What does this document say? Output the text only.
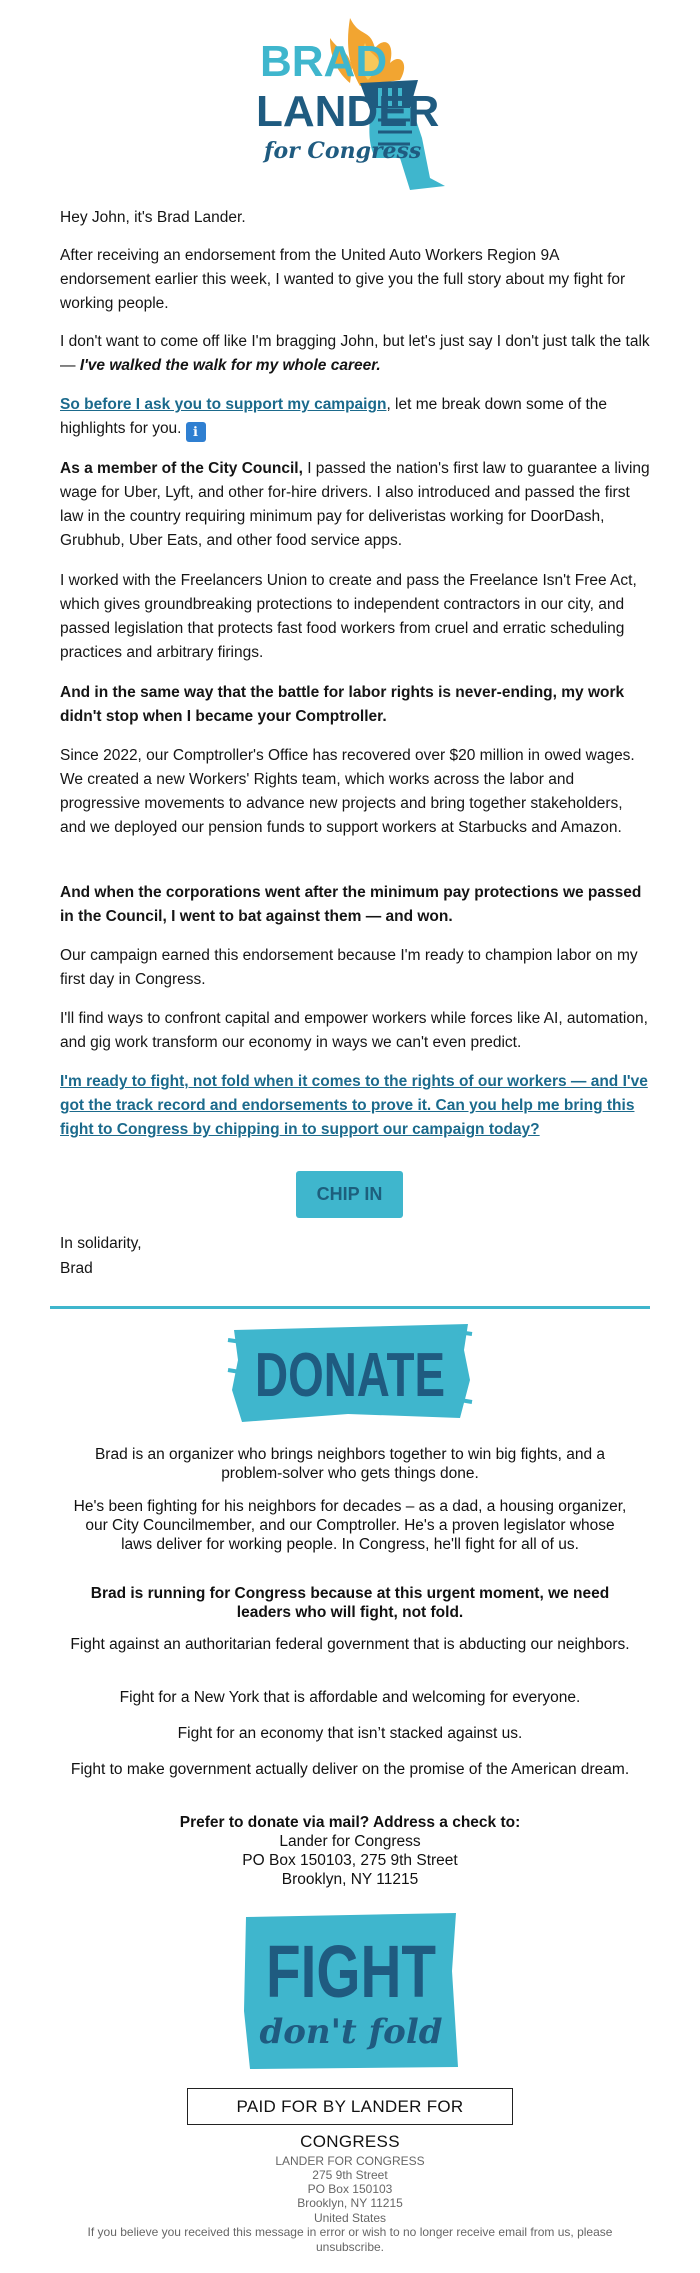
BRAD
LANDER
for Congress
Hey John, it's Brad Lander.
After receiving an endorsement from the United Auto Workers Region 9A endorsement earlier this week, I wanted to give you the full story about my fight for working people.
I don't want to come off like I'm bragging John, but let's just say I don't just talk the talk — I've walked the walk for my whole career.
So before I ask you to support my campaign, let me break down some of the highlights for you. ℹ
As a member of the City Council, I passed the nation's first law to guarantee a living wage for Uber, Lyft, and other for-hire drivers. I also introduced and passed the first law in the country requiring minimum pay for deliveristas working for DoorDash, Grubhub, Uber Eats, and other food service apps.
I worked with the Freelancers Union to create and pass the Freelance Isn't Free Act, which gives groundbreaking protections to independent contractors in our city, and passed legislation that protects fast food workers from cruel and erratic scheduling practices and arbitrary firings.
And in the same way that the battle for labor rights is never-ending, my work didn't stop when I became your Comptroller.
Since 2022, our Comptroller's Office has recovered over $20 million in owed wages. We created a new Workers' Rights team, which works across the labor and progressive movements to advance new projects and bring together stakeholders, and we deployed our pension funds to support workers at Starbucks and Amazon.
And when the corporations went after the minimum pay protections we passed in the Council, I went to bat against them — and won.
Our campaign earned this endorsement because I'm ready to champion labor on my first day in Congress.
I'll find ways to confront capital and empower workers while forces like AI, automation, and gig work transform our economy in ways we can't even predict.
I'm ready to fight, not fold when it comes to the rights of our workers — and I've got the track record and endorsements to prove it. Can you help me bring this fight to Congress by chipping in to support our campaign today?
CHIP IN
In solidarity,
Brad
DONATE
Brad is an organizer who brings neighbors together to win big fights, and a problem-solver who gets things done.
He's been fighting for his neighbors for decades – as a dad, a housing organizer, our City Councilmember, and our Comptroller. He's a proven legislator whose laws deliver for working people. In Congress, he'll fight for all of us.
Brad is running for Congress because at this urgent moment, we need leaders who will fight, not fold.
Fight against an authoritarian federal government that is abducting our neighbors.
Fight for a New York that is affordable and welcoming for everyone.
Fight for an economy that isn’t stacked against us.
Fight to make government actually deliver on the promise of the American dream.
Prefer to donate via mail? Address a check to:
Lander for Congress
PO Box 150103, 275 9th Street
Brooklyn, NY 11215
FIGHT
don't fold
PAID FOR BY LANDER FOR CONGRESS
LANDER FOR CONGRESS
275 9th Street
PO Box 150103
Brooklyn, NY 11215
United States
If you believe you received this message in error or wish to no longer receive email from us, please
unsubscribe.
